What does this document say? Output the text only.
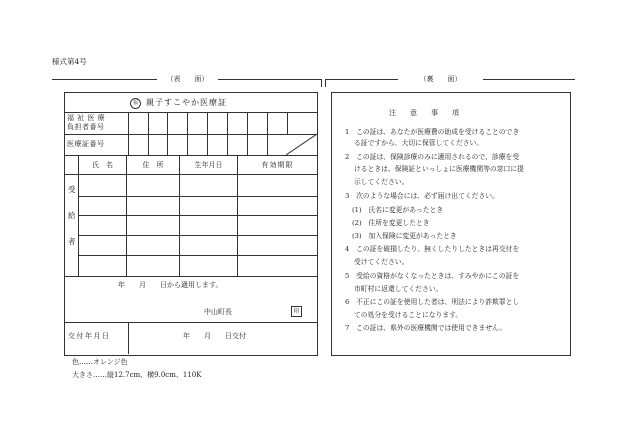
様式第4号
（表　　面）
福	親子すこやか医療証
福 祉 医 療
負担者番号
医療証番号
氏　名	住　所	生年月日	有効期限
受
給
者
年　　月　　日から適用します。
中山町長	印
交付年月日	年　　月　　日交付
（裏　　面）
注　　意　　事　　項
1　この証は、あなたが医療費の助成を受けることのでき
る証ですから、大切に保管してください。
2　この証は、保険診療のみに適用されるので、診療を受
けるときは、保険証といっしょに医療機関等の窓口に提
示してください。
3　次のような場合には、必ず届け出てください。
(1)　氏名に変更があったとき
(2)　住所を変更したとき
(3)　加入保険に変更があったとき
4　この証を破損したり、無くしたりしたときは再交付を
受けてください。
5　受給の資格がなくなったときは、すみやかにこの証を
市町村に返還してください。
6　不正にこの証を使用した者は、刑法により詐欺罪とし
ての処分を受けることになります。
7　この証は、県外の医療機関では使用できません。
色……オレンジ色
大きさ……縦12.7cm、横9.0cm、110K
